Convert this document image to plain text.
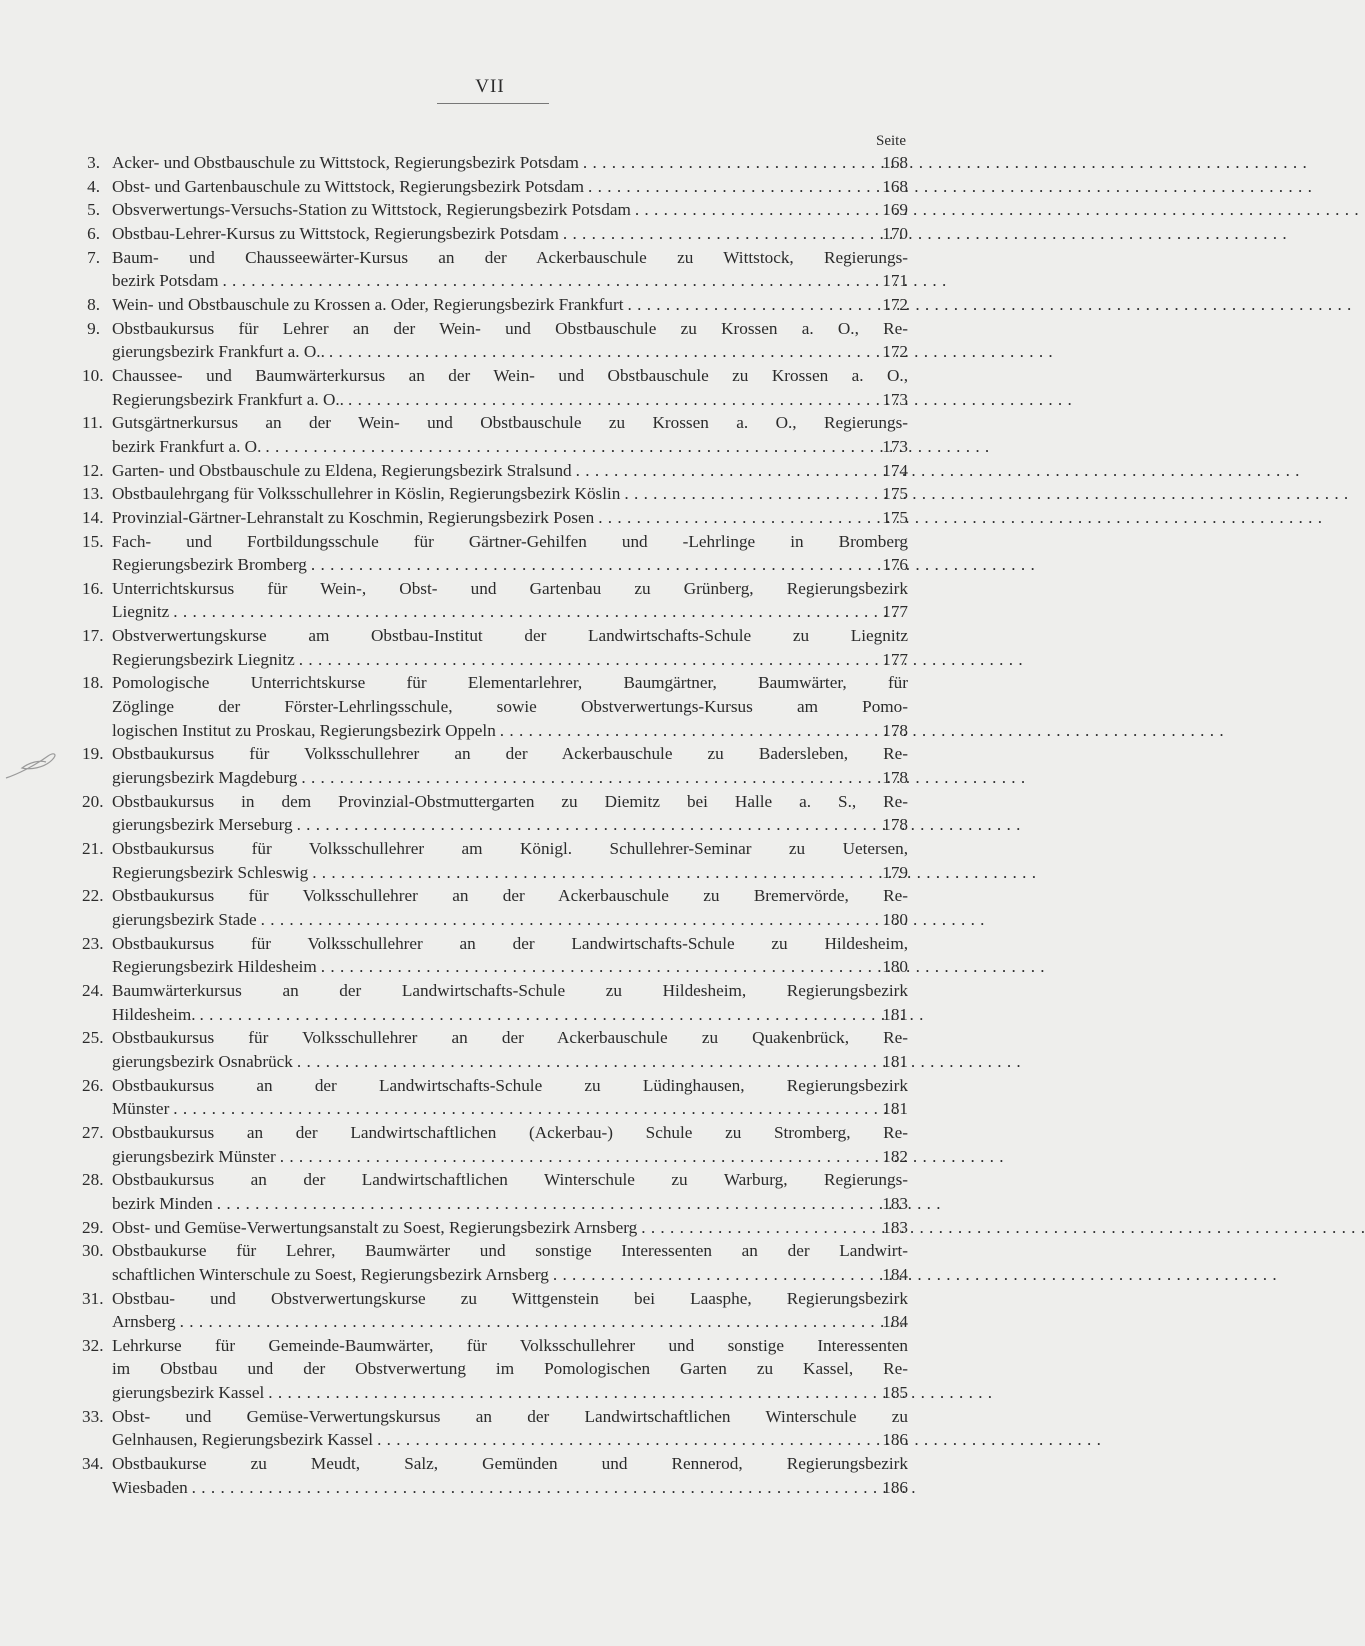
VII
Seite
3. Acker- und Obstbauschule zu Wittstock, Regierungsbezirk Potsdam . . .	168
4. Obst- und Gartenbauschule zu Wittstock, Regierungsbezirk Potsdam . . .	168
5. Obsverwertungs-Versuchs-Station zu Wittstock, Regierungsbezirk Potsdam . . .	169
6. Obstbau-Lehrer-Kursus zu Wittstock, Regierungsbezirk Potsdam . . .	170
7. Baum- und Chausseewärter-Kursus an der Ackerbauschule zu Wittstock, Regierungs-
bezirk Potsdam . . .	171
8. Wein- und Obstbauschule zu Krossen a. Oder, Regierungsbezirk Frankfurt . . .	172
9. Obstbaukursus für Lehrer an der Wein- und Obstbauschule zu Krossen a. O., Re-
gierungsbezirk Frankfurt a. O.. . . .	172
10. Chaussee- und Baumwärterkursus an der Wein- und Obstbauschule zu Krossen a. O.,
Regierungsbezirk Frankfurt a. O.. . . .	173
11. Gutsgärtnerkursus an der Wein- und Obstbauschule zu Krossen a. O., Regierungs-
bezirk Frankfurt a. O. . . .	173
12. Garten- und Obstbauschule zu Eldena, Regierungsbezirk Stralsund . . .	174
13. Obstbaulehrgang für Volksschullehrer in Köslin, Regierungsbezirk Köslin . . .	175
14. Provinzial-Gärtner-Lehranstalt zu Koschmin, Regierungsbezirk Posen . . .	175
15. Fach- und Fortbildungsschule für Gärtner-Gehilfen und -Lehrlinge in Bromberg
Regierungsbezirk Bromberg . . .	176
16. Unterrichtskursus für Wein-, Obst- und Gartenbau zu Grünberg, Regierungsbezirk
Liegnitz . . .	177
17. Obstverwertungskurse am Obstbau-Institut der Landwirtschafts-Schule zu Liegnitz
Regierungsbezirk Liegnitz . . .	177
18. Pomologische Unterrichtskurse für Elementarlehrer, Baumgärtner, Baumwärter, für
Zöglinge der Förster-Lehrlingsschule, sowie Obstverwertungs-Kursus am Pomo-
logischen Institut zu Proskau, Regierungsbezirk Oppeln . . .	178
19. Obstbaukursus für Volksschullehrer an der Ackerbauschule zu Badersleben, Re-
gierungsbezirk Magdeburg . . .	178
20. Obstbaukursus in dem Provinzial-Obstmuttergarten zu Diemitz bei Halle a. S., Re-
gierungsbezirk Merseburg . . .	178
21. Obstbaukursus für Volksschullehrer am Königl. Schullehrer-Seminar zu Uetersen,
Regierungsbezirk Schleswig . . .	179
22. Obstbaukursus für Volksschullehrer an der Ackerbauschule zu Bremervörde, Re-
gierungsbezirk Stade . . .	180
23. Obstbaukursus für Volksschullehrer an der Landwirtschafts-Schule zu Hildesheim,
Regierungsbezirk Hildesheim . . .	180
24. Baumwärterkursus an der Landwirtschafts-Schule zu Hildesheim, Regierungsbezirk
Hildesheim. . . .	181
25. Obstbaukursus für Volksschullehrer an der Ackerbauschule zu Quakenbrück, Re-
gierungsbezirk Osnabrück . . .	181
26. Obstbaukursus an der Landwirtschafts-Schule zu Lüdinghausen, Regierungsbezirk
Münster . . .	181
27. Obstbaukursus an der Landwirtschaftlichen (Ackerbau-) Schule zu Stromberg, Re-
gierungsbezirk Münster . . .	182
28. Obstbaukursus an der Landwirtschaftlichen Winterschule zu Warburg, Regierungs-
bezirk Minden . . .	183
29. Obst- und Gemüse-Verwertungsanstalt zu Soest, Regierungsbezirk Arnsberg . . .	183
30. Obstbaukurse für Lehrer, Baumwärter und sonstige Interessenten an der Landwirt-
schaftlichen Winterschule zu Soest, Regierungsbezirk Arnsberg . . .	184
31. Obstbau- und Obstverwertungskurse zu Wittgenstein bei Laasphe, Regierungsbezirk
Arnsberg . . .	184
32. Lehrkurse für Gemeinde-Baumwärter, für Volksschullehrer und sonstige Interessenten
im Obstbau und der Obstverwertung im Pomologischen Garten zu Kassel, Re-
gierungsbezirk Kassel . . .	185
33. Obst- und Gemüse-Verwertungskursus an der Landwirtschaftlichen Winterschule zu
Gelnhausen, Regierungsbezirk Kassel . . .	186
34. Obstbaukurse zu Meudt, Salz, Gemünden und Rennerod, Regierungsbezirk
Wiesbaden . . .	186
